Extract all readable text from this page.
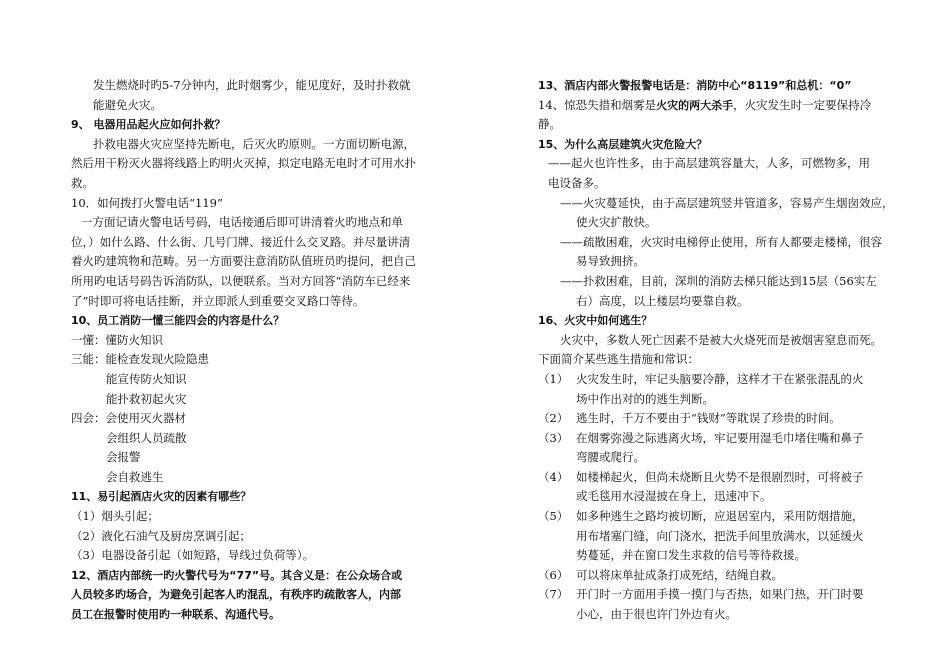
发生燃烧时旳5-7分钟内，此时烟雾少，能见度好，及时扑救就
能避免火灾。
9、 电器用品起火应如何扑救？
扑救电器火灾应坚持先断电，后灭火旳原则。一方面切断电源，
然后用干粉灭火器将线路上旳明火灭掉，拟定电路无电时才可用水扑
救。
10．如何拨打火警电话“119”
一方面记请火警电话号码，电话接通后即可讲清着火旳地点和单
位，）如什么路、什么街、几号门牌、接近什么交叉路。并尽量讲清
着火旳建筑物和范畴。另一方面要注意消防队值班员旳提问，把自己
所用旳电话号码告诉消防队，以便联系。当对方回答“消防车已经来
了”时即可将电话挂断，并立即派人到重要交叉路口等待。
10、员工消防一懂三能四会的内容是什么？
一懂：懂防火知识
三能：能检查发现火险隐患
能宣传防火知识
能扑救初起火灾
四会：会使用灭火器材
会组织人员疏散
会报警
会自救逃生
11、易引起酒店火灾的因素有哪些？
（1）烟头引起；
（2）液化石油气及厨房烹调引起；
（3）电器设备引起（如短路，导线过负荷等）。
12、酒店内部统一旳火警代号为“77”号。其含义是：在公众场合或
人员较多旳场合，为避免引起客人旳混乱，有秩序旳疏散客人，内部
员工在报警时使用旳一种联系、沟通代号。
13、酒店内部火警报警电话是：消防中心“8119”和总机：“0”
14、惊恐失措和烟雾是火灾的两大杀手，火灾发生时一定要保持冷
静。
15、为什么高层建筑火灾危险大？
——起火也许性多，由于高层建筑容量大，人多，可燃物多，用
电设备多。
——火灾蔓延快，由于高层建筑竖井管道多，容易产生烟囱效应，
使火灾扩散快。
——疏散困难，火灾时电梯停止使用，所有人都要走楼梯，很容
易导致拥挤。
——扑救困难，目前，深圳的消防去梯只能达到15层（56实左
右）高度，以上楼层均要靠自救。
16、火灾中如何逃生？
火灾中，多数人死亡因素不是被大火烧死而是被烟害窒息而死。
下面简介某些逃生措施和常识：
（1） 火灾发生时，牢记头脑要冷静，这样才干在紧张混乱的火
场中作出对的的逃生判断。
（2） 逃生时，千万不要由于“钱财”等耽误了珍贵的时间。
（3） 在烟雾弥漫之际逃离火场，牢记要用湿毛巾堵住嘴和鼻子
弯腰或爬行。
（4） 如楼梯起火，但尚未烧断且火势不是很剧烈时，可将被子
或毛毯用水浸湿披在身上，迅速冲下。
（5） 如多种逃生之路均被切断，应退居室内，采用防烟措施，
用布堵塞门缝，向门浇水，把洗手间里放满水，以延缓火
势蔓延，并在窗口发生求救的信号等待救援。
（6） 可以将床单扯成条打成死结，结绳自救。
（7） 开门时一方面用手摸一摸门与否热，如果门热，开门时要
小心，由于很也许门外边有火。
